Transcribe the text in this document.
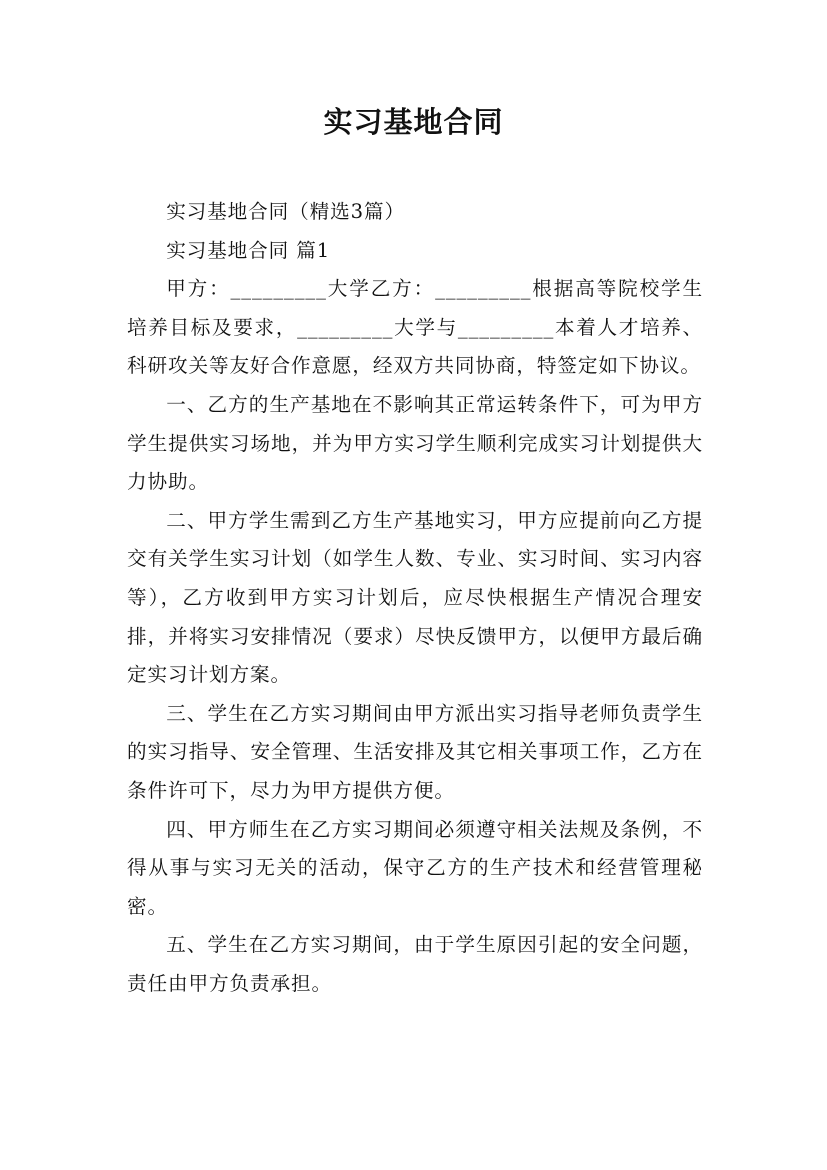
实习基地合同

实习基地合同（精选3篇）

实习基地合同 篇1

甲方：_________大学乙方：_________根据高等院校学生培养目标及要求，_________大学与_________本着人才培养、科研攻关等友好合作意愿，经双方共同协商，特签定如下协议。

一、乙方的生产基地在不影响其正常运转条件下，可为甲方学生提供实习场地，并为甲方实习学生顺利完成实习计划提供大力协助。

二、甲方学生需到乙方生产基地实习，甲方应提前向乙方提交有关学生实习计划（如学生人数、专业、实习时间、实习内容等），乙方收到甲方实习计划后，应尽快根据生产情况合理安排，并将实习安排情况（要求）尽快反馈甲方，以便甲方最后确定实习计划方案。

三、学生在乙方实习期间由甲方派出实习指导老师负责学生的实习指导、安全管理、生活安排及其它相关事项工作，乙方在条件许可下，尽力为甲方提供方便。

四、甲方师生在乙方实习期间必须遵守相关法规及条例，不得从事与实习无关的活动，保守乙方的生产技术和经营管理秘密。

五、学生在乙方实习期间，由于学生原因引起的安全问题，责任由甲方负责承担。
